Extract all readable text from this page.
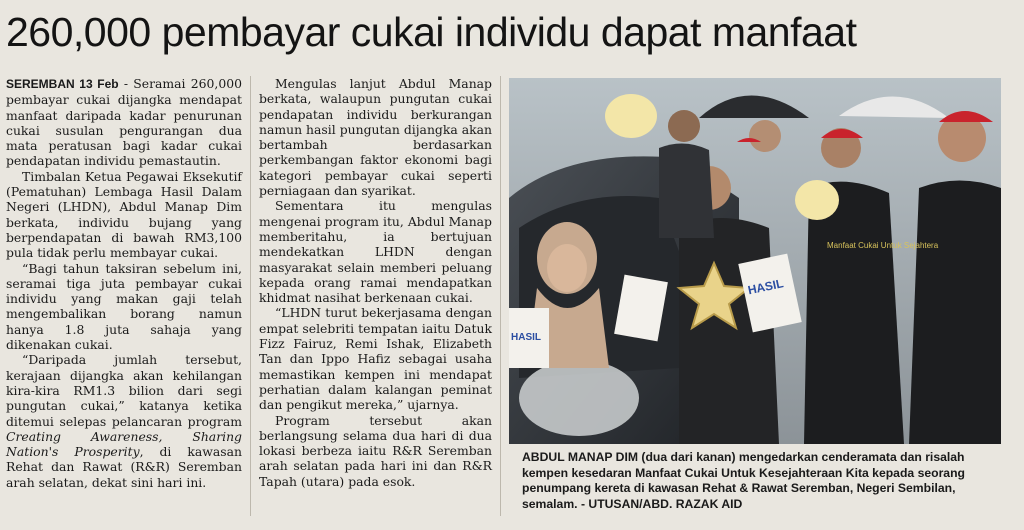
260,000 pembayar cukai individu dapat manfaat

SEREMBAN 13 Feb - Seramai 260,000 pembayar cukai dijangka mendapat manfaat daripada kadar penurunan cukai susulan pengurangan dua mata peratusan bagi kadar cukai pendapatan individu pemastautin.

Timbalan Ketua Pegawai Eksekutif (Pematuhan) Lembaga Hasil Dalam Negeri (LHDN), Abdul Manap Dim berkata, individu bujang yang berpendapatan di bawah RM3,100 pula tidak perlu membayar cukai.

“Bagi tahun taksiran sebelum ini, seramai tiga juta pembayar cukai individu yang makan gaji telah mengembalikan borang namun hanya 1.8 juta sahaja yang dikenakan cukai.

“Daripada jumlah tersebut, kerajaan dijangka akan kehilangan kira-kira RM1.3 bilion dari segi pungutan cukai,” katanya ketika ditemui selepas pelancaran program Creating Awareness, Sharing Nation's Prosperity, di kawasan Rehat dan Rawat (R&R) Seremban arah selatan, dekat sini hari ini.

Mengulas lanjut Abdul Manap berkata, walaupun pungutan cukai pendapatan individu berkurangan namun hasil pungutan dijangka akan bertambah berdasarkan perkembangan faktor ekonomi bagi kategori pembayar cukai seperti perniagaan dan syarikat.

Sementara itu mengulas mengenai program itu, Abdul Manap memberitahu, ia bertujuan mendekatkan LHDN dengan masyarakat selain memberi peluang kepada orang ramai mendapatkan khidmat nasihat berkenaan cukai.

“LHDN turut bekerjasama dengan empat selebriti tempatan iaitu Datuk Fizz Fairuz, Remi Ishak, Elizabeth Tan dan Ippo Hafiz sebagai usaha memastikan kempen ini mendapat perhatian dalam kalangan peminat dan pengikut mereka,” ujarnya.

Program tersebut akan berlangsung selama dua hari di dua lokasi berbeza iaitu R&R Seremban arah selatan pada hari ini dan R&R Tapah (utara) pada esok.

Manfaat Cukai Untuk Sejahtera
HASIL
HASIL
ABDUL MANAP DIM (dua dari kanan) mengedarkan cenderamata dan risalah kempen kesedaran Manfaat Cukai Untuk Kesejahteraan Kita kepada seorang penumpang kereta di kawasan Rehat & Rawat Seremban, Negeri Sembilan, semalam. - UTUSAN/ABD. RAZAK AID
